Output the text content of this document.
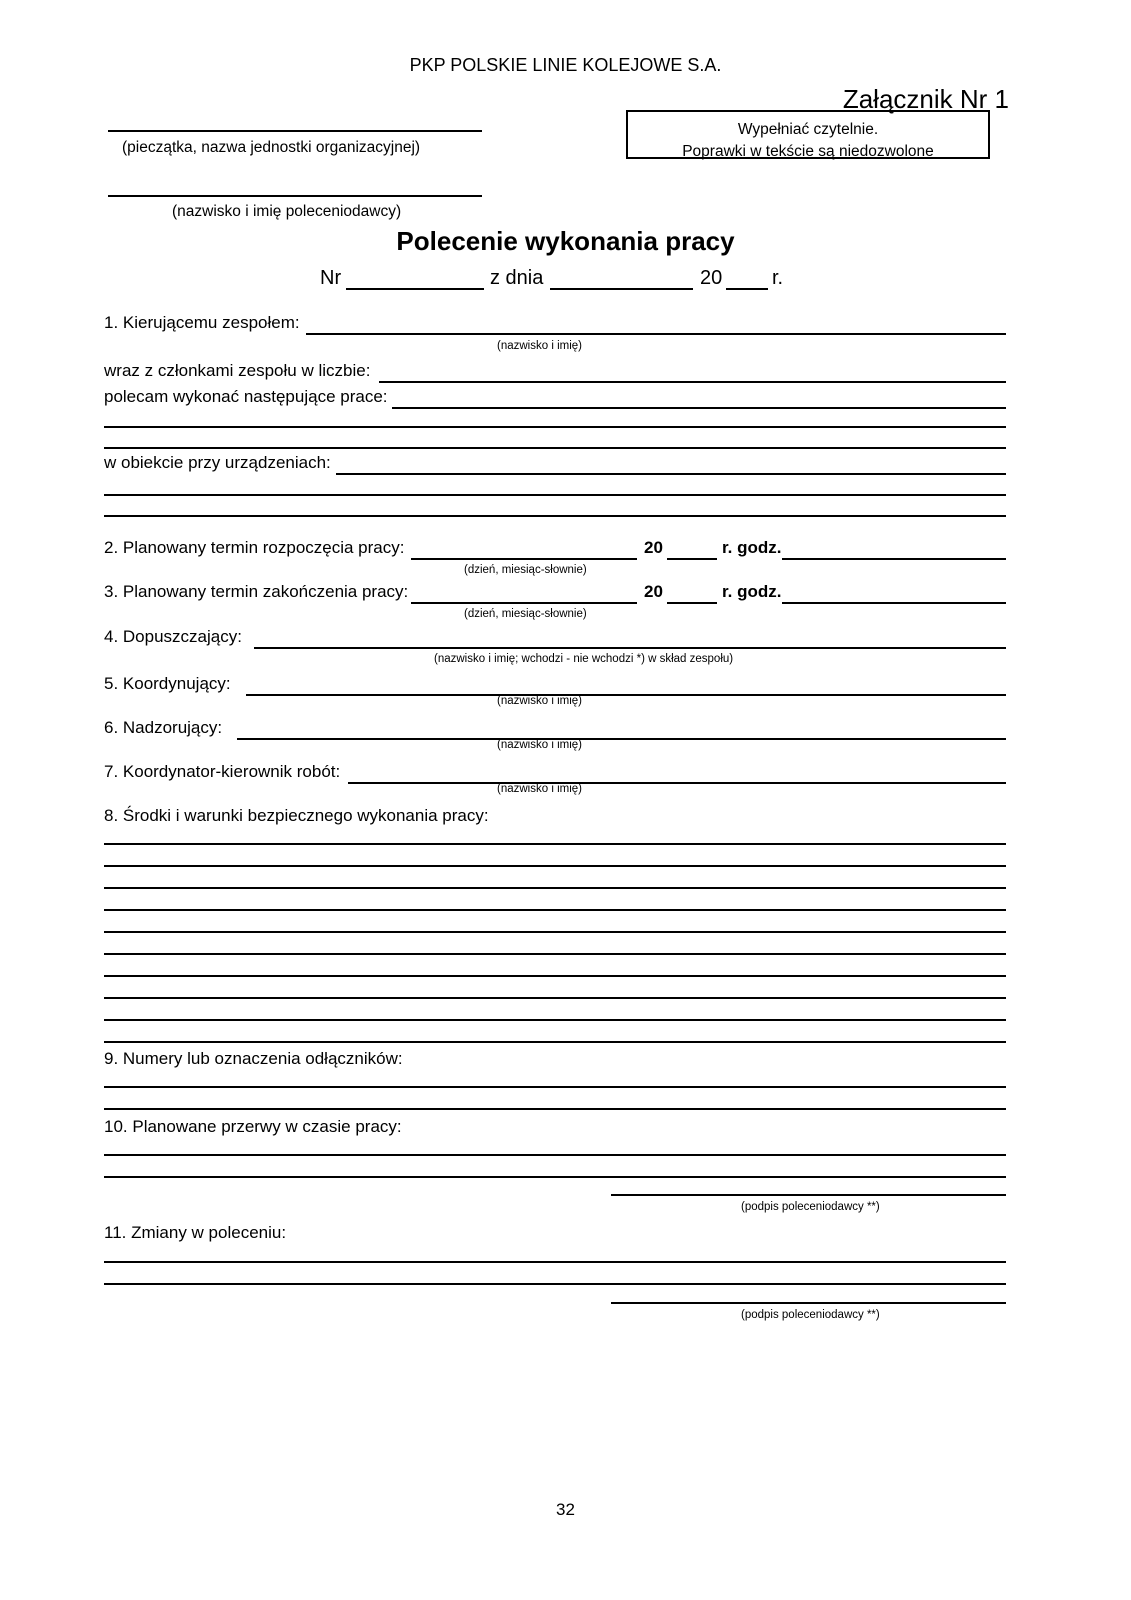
PKP POLSKIE LINIE KOLEJOWE S.A.
Załącznik Nr 1
Wypełniać czytelnie.
Poprawki w tekście są niedozwolone
(pieczątka, nazwa jednostki organizacyjnej)
(nazwisko i imię poleceniodawcy)
Polecenie wykonania pracy
Nr	z dnia	20 r.
1. Kierującemu zespołem:
(nazwisko i imię)
wraz z członkami zespołu w liczbie:
polecam wykonać następujące prace:
w obiekcie przy urządzeniach:
2. Planowany termin rozpoczęcia pracy:	20	r. godz.
(dzień, miesiąc-słownie)
3. Planowany termin zakończenia pracy:	20	r. godz.
(dzień, miesiąc-słownie)
4. Dopuszczający:
(nazwisko i imię; wchodzi - nie wchodzi *) w skład zespołu)
5. Koordynujący:
(nazwisko i imię)
6. Nadzorujący:
(nazwisko i imię)
7. Koordynator-kierownik robót:
(nazwisko i imię)
8. Środki i warunki bezpiecznego wykonania pracy:
9. Numery lub oznaczenia odłączników:
10. Planowane przerwy w czasie pracy:
(podpis poleceniodawcy **)
11. Zmiany w poleceniu:
(podpis poleceniodawcy **)
32
